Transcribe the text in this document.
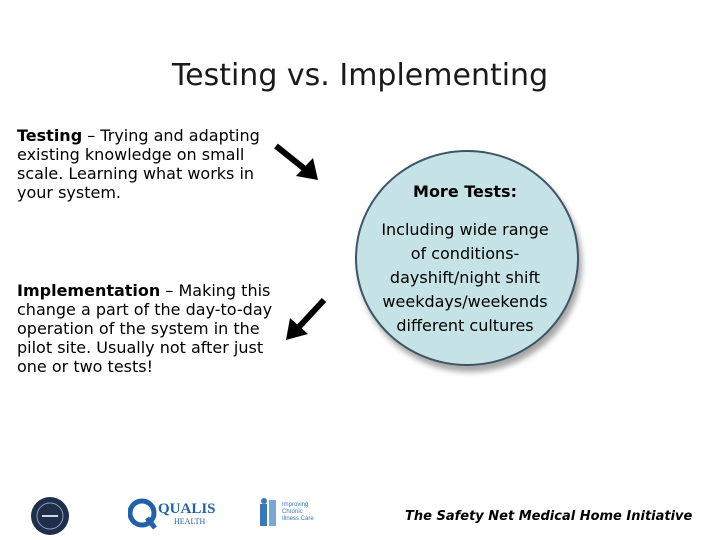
Testing vs. Implementing
Testing – Trying and adapting existing knowledge on small scale. Learning what works in your system.
Implementation – Making this change a part of the day-to-day operation of the system in the pilot site. Usually not after just one or two tests!
More Tests:
Including wide range
of conditions-
dayshift/night shift
weekdays/weekends
different cultures
QUALIS
HEALTH
Improving
Chronic
Illness Care	The Safety Net Medical Home Initiative
